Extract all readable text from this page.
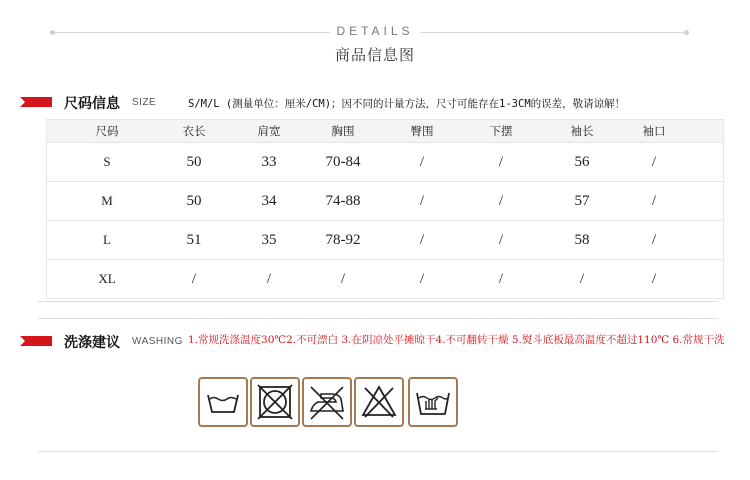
DETAILS
商品信息图
尺码信息 SIZE	S/M/L (测量单位：厘米/CM)；因不同的计量方法，尺寸可能存在1-3CM的误差，敬请谅解！
尺码	衣长	肩宽	胸围	臀围	下摆	袖长	袖口
S	50	33	70-84	/	/	56	/
M	50	34	74-88	/	/	57	/
L	51	35	78-92	/	/	58	/
XL	/	/	/	/	/	/	/
洗涤建议 WASHING 1.常规洗涤温度30℃2.不可漂白 3.在阴凉处平摊晾干4.不可翻转干燥 5.熨斗底板最高温度不超过110℃ 6.常规干洗
